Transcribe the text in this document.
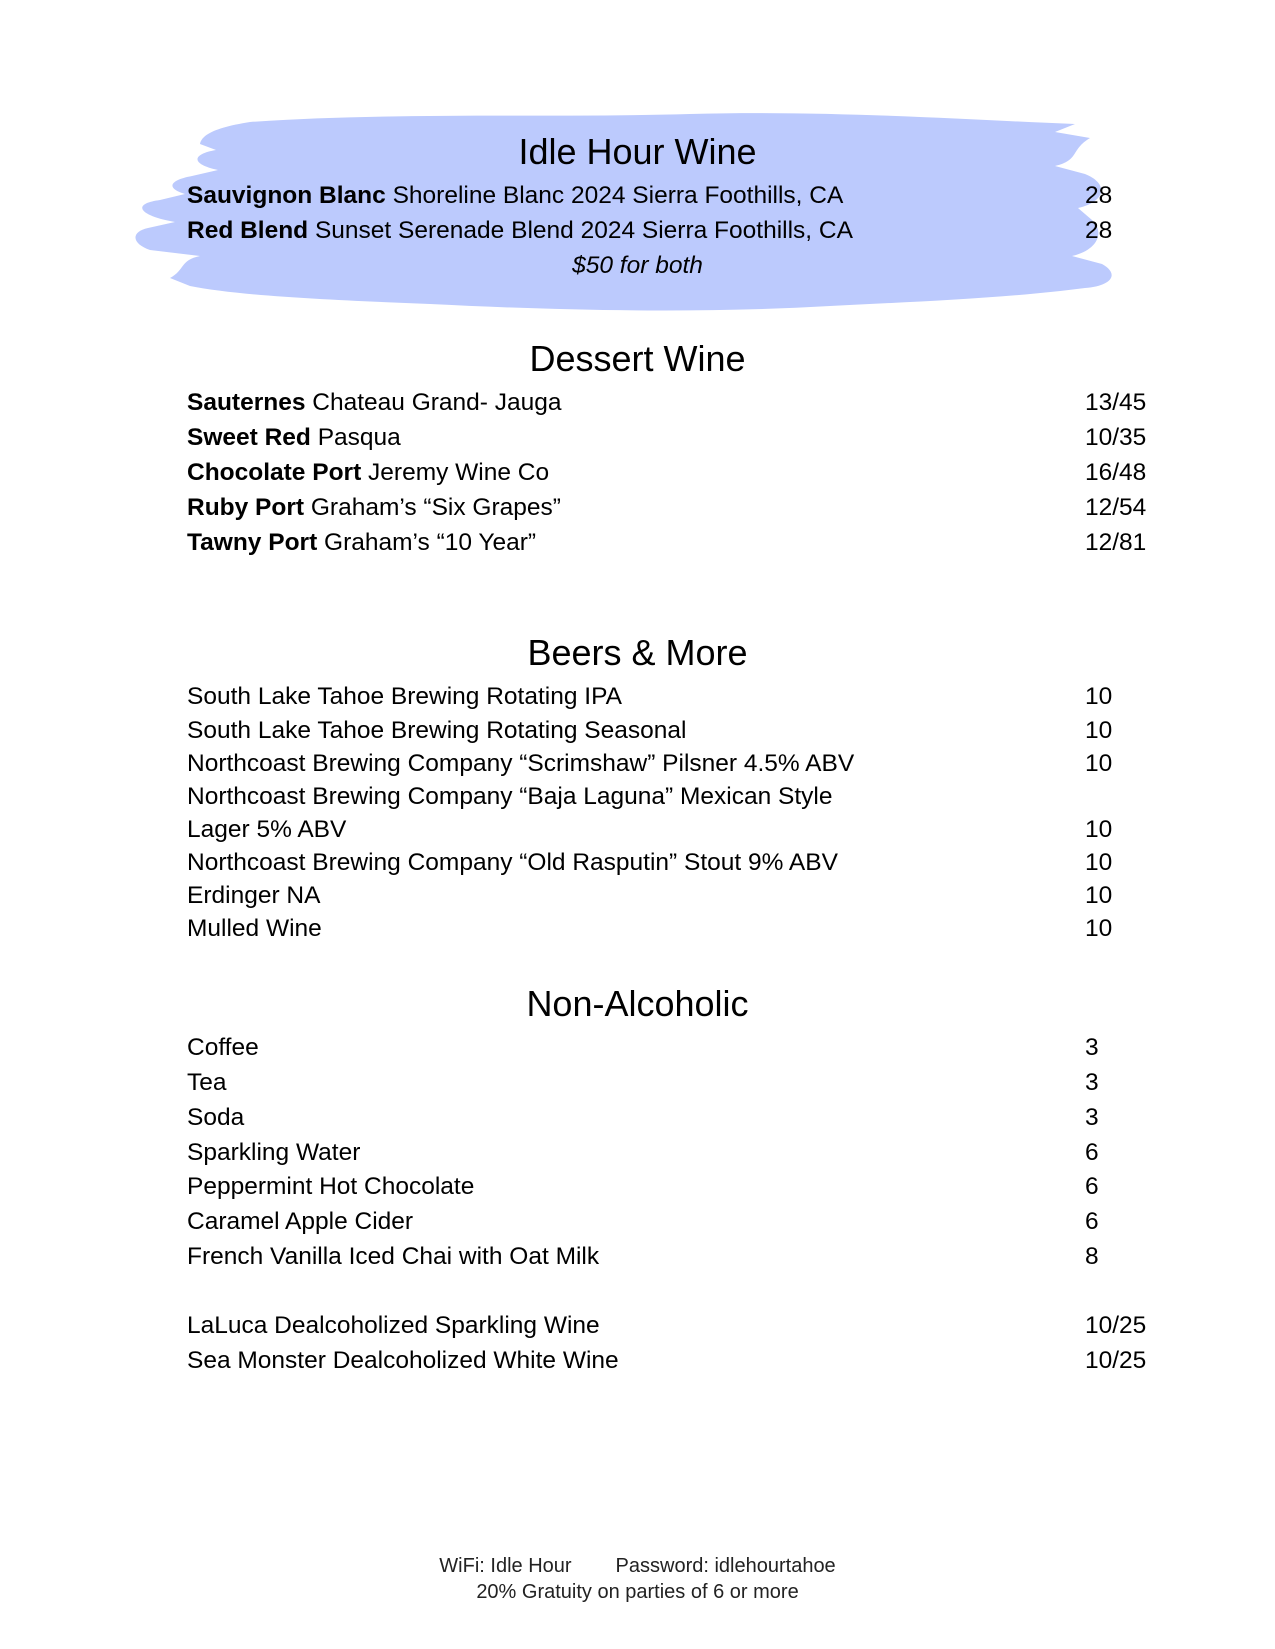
Idle Hour Wine
Sauvignon Blanc Shoreline Blanc 2024 Sierra Foothills, CA	28
Red Blend Sunset Serenade Blend 2024 Sierra Foothills, CA	28
$50 for both
Dessert Wine
Sauternes Chateau Grand- Jauga	13/45
Sweet Red Pasqua	10/35
Chocolate Port Jeremy Wine Co	16/48
Ruby Port Graham’s “Six Grapes”	12/54
Tawny Port Graham’s “10 Year”	12/81
Beers & More
South Lake Tahoe Brewing Rotating IPA	10
South Lake Tahoe Brewing Rotating Seasonal	10
Northcoast Brewing Company “Scrimshaw” Pilsner 4.5% ABV	10
Northcoast Brewing Company “Baja Laguna” Mexican Style
Lager 5% ABV	10
Northcoast Brewing Company “Old Rasputin” Stout 9% ABV	10
Erdinger NA	10
Mulled Wine	10
Non-Alcoholic
Coffee	3
Tea	3
Soda	3
Sparkling Water	6
Peppermint Hot Chocolate	6
Caramel Apple Cider	6
French Vanilla Iced Chai with Oat Milk	8
LaLuca Dealcoholized Sparkling Wine	10/25
Sea Monster Dealcoholized White Wine	10/25
WiFi: Idle Hour Password: idlehourtahoe
20% Gratuity on parties of 6 or more
